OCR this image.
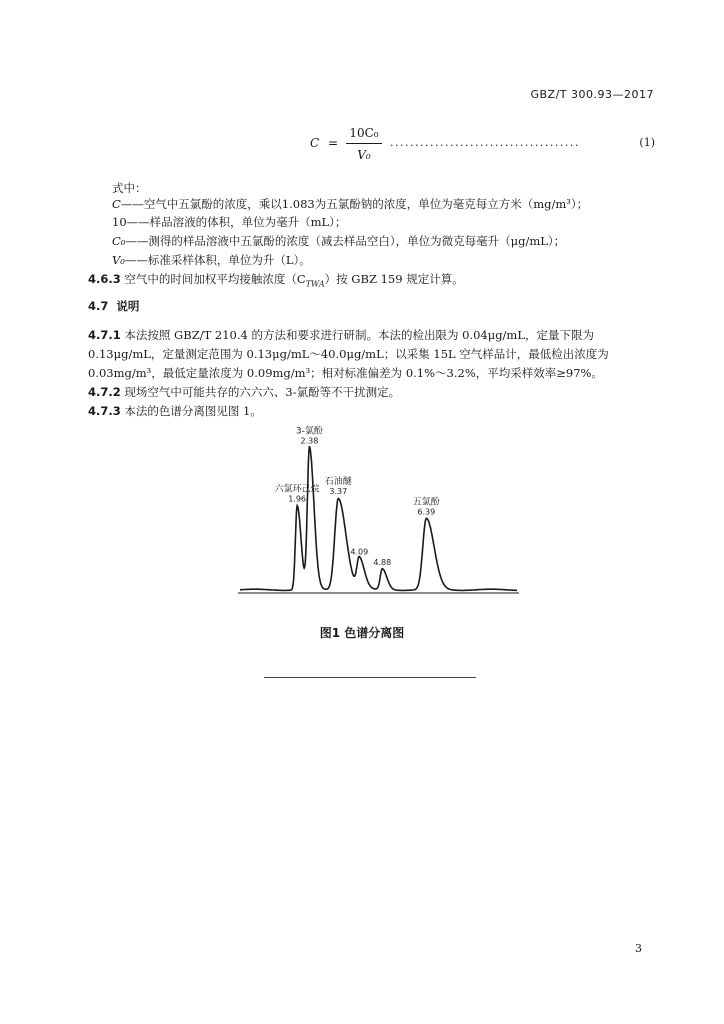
GBZ/T 300.93—2017
C =
10C₀
V₀
......................................	(1)
式中：
C——空气中五氯酚的浓度，乘以1.083为五氯酚钠的浓度，单位为毫克每立方米（mg/m³）；
10——样品溶液的体积，单位为毫升（mL）；
C₀——测得的样品溶液中五氯酚的浓度（减去样品空白），单位为微克每毫升（μg/mL）；
V₀——标准采样体积，单位为升（L）。
4.6.3 空气中的时间加权平均接触浓度$(C_{TWA})$按 GBZ 159 规定计算。
4.7 说明
4.7.1 本法按照 GBZ/T 210.4 的方法和要求进行研制。本法的检出限为 0.04μg/mL，定量下限为
0.13μg/mL，定量测定范围为 0.13μg/mL～40.0μg/mL；以采集 15L 空气样品计，最低检出浓度为
0.03mg/m³，最低定量浓度为 0.09mg/m³；相对标准偏差为 0.1%～3.2%，平均采样效率≥97%。
4.7.2 现场空气中可能共存的六六六、3-氯酚等不干扰测定。
4.7.3 本法的色谱分离图见图 1。
六氯环己烷
1.96
3-氯酚
2.38
石油醚
3.37
4.09
4.88
五氯酚
6.39
图1 色谱分离图
3
